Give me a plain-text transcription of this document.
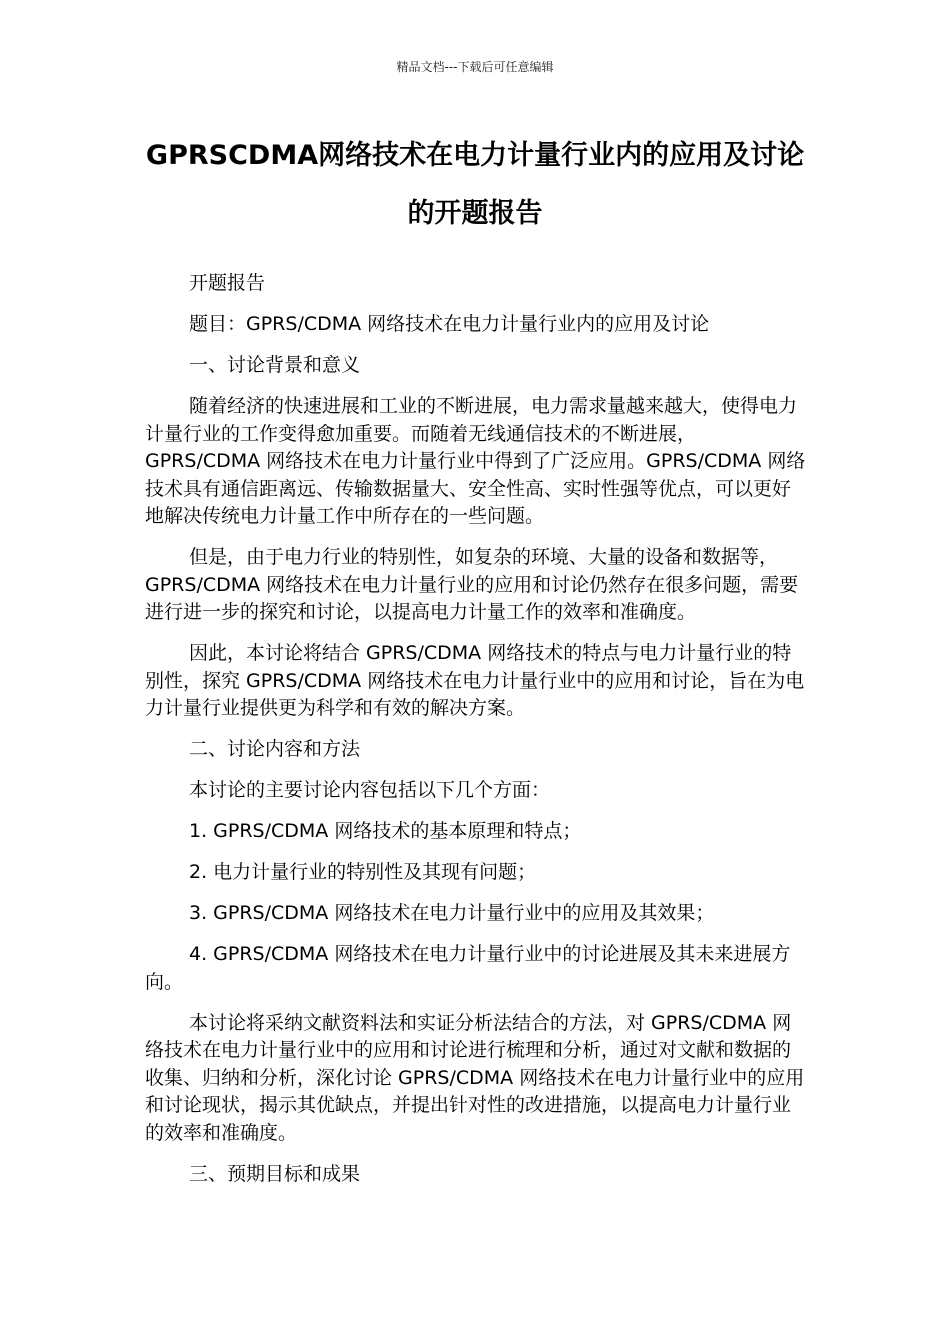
精品文档---下载后可任意编辑
GPRSCDMA网络技术在电力计量行业内的应用及讨论的开题报告

开题报告

题目：GPRS/CDMA 网络技术在电力计量行业内的应用及讨论

一、讨论背景和意义

随着经济的快速进展和工业的不断进展，电力需求量越来越大，使得电力计量行业的工作变得愈加重要。而随着无线通信技术的不断进展，GPRS/CDMA 网络技术在电力计量行业中得到了广泛应用。GPRS/CDMA 网络技术具有通信距离远、传输数据量大、安全性高、实时性强等优点，可以更好地解决传统电力计量工作中所存在的一些问题。

但是，由于电力行业的特别性，如复杂的环境、大量的设备和数据等，GPRS/CDMA 网络技术在电力计量行业的应用和讨论仍然存在很多问题，需要进行进一步的探究和讨论，以提高电力计量工作的效率和准确度。

因此，本讨论将结合 GPRS/CDMA 网络技术的特点与电力计量行业的特别性，探究 GPRS/CDMA 网络技术在电力计量行业中的应用和讨论，旨在为电力计量行业提供更为科学和有效的解决方案。

二、讨论内容和方法

本讨论的主要讨论内容包括以下几个方面：

1. GPRS/CDMA 网络技术的基本原理和特点；

2. 电力计量行业的特别性及其现有问题；

3. GPRS/CDMA 网络技术在电力计量行业中的应用及其效果；

4. GPRS/CDMA 网络技术在电力计量行业中的讨论进展及其未来进展方向。

本讨论将采纳文献资料法和实证分析法结合的方法，对 GPRS/CDMA 网络技术在电力计量行业中的应用和讨论进行梳理和分析，通过对文献和数据的收集、归纳和分析，深化讨论 GPRS/CDMA 网络技术在电力计量行业中的应用和讨论现状，揭示其优缺点，并提出针对性的改进措施，以提高电力计量行业的效率和准确度。

三、预期目标和成果
